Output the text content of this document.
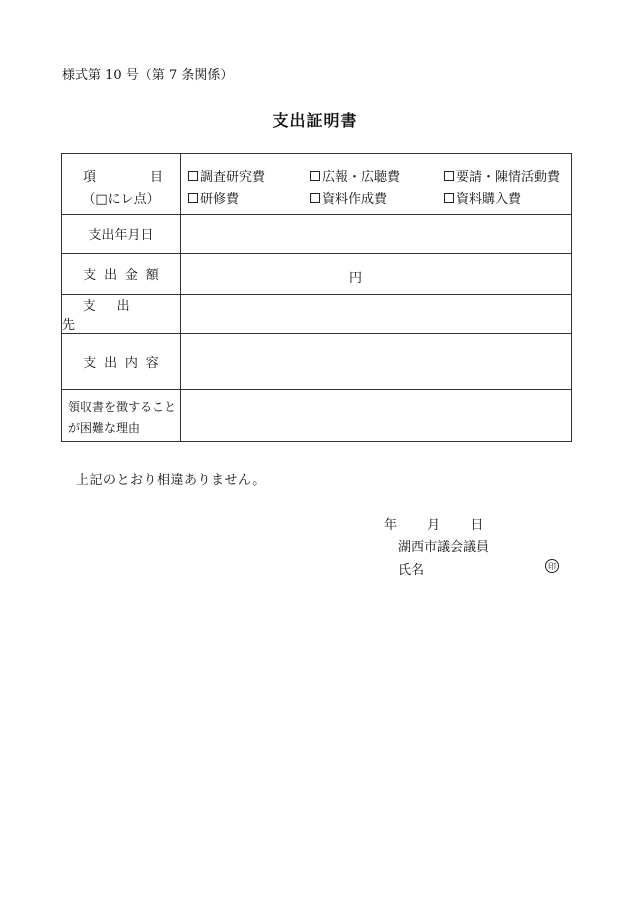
様式第 10 号（第 7 条関係）
支出証明書
項	目
（□にレ点）
調査研究費	広報・広聴費	要請・陳情活動費
研修費	資料作成費	資料購入費
支出年月日
支出金額	円
支出先
支出内容
領収書を徴すること
が困難な理由
上記のとおり相違ありません。
年 月 日
湖西市議会議員
氏名	印
